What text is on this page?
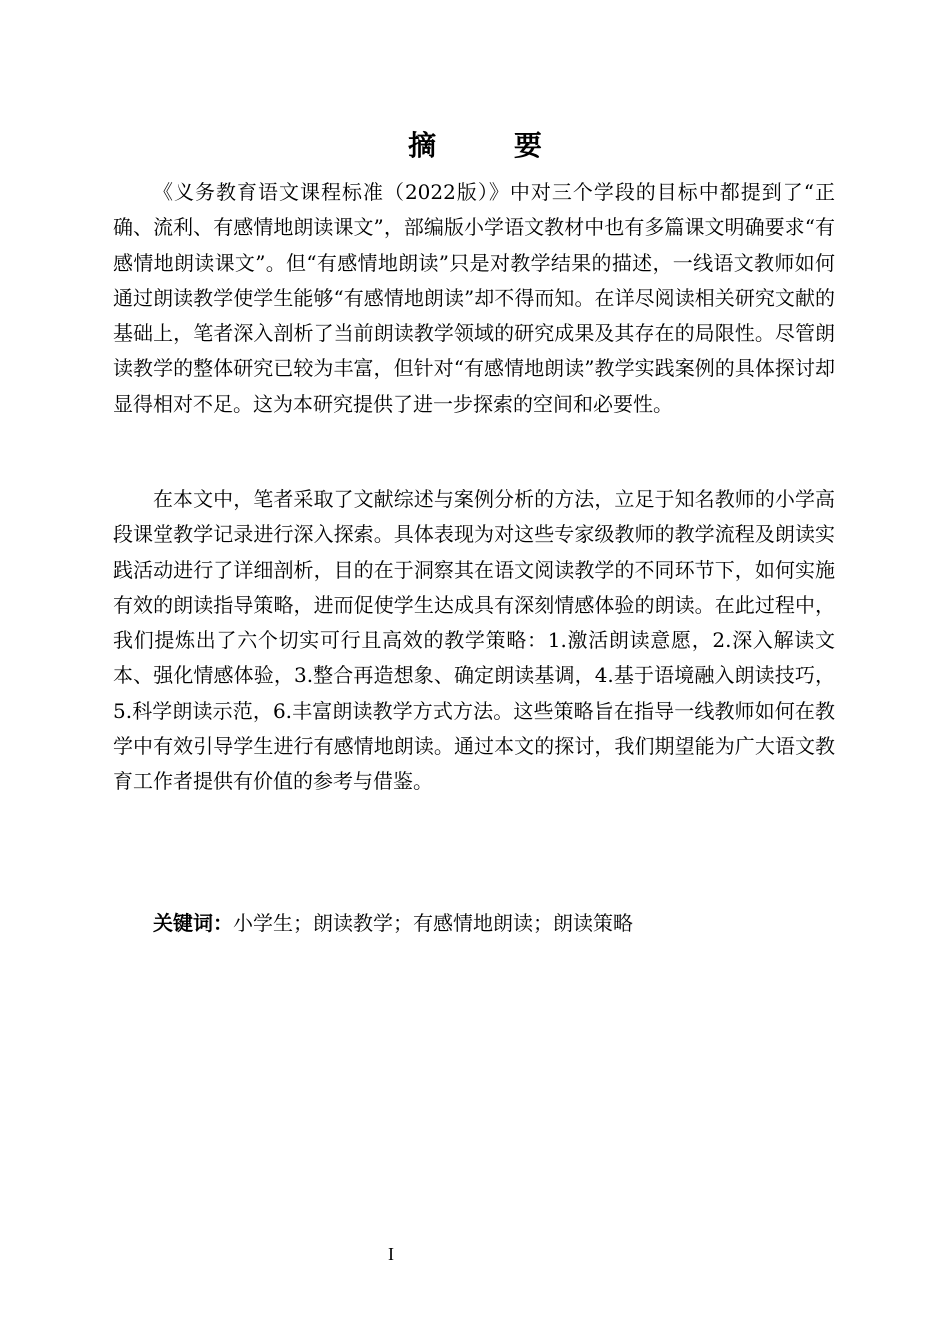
摘 要

《义务教育语文课程标准（2022版）》中对三个学段的目标中都提到了“正确、流利、有感情地朗读课文”，部编版小学语文教材中也有多篇课文明确要求“有感情地朗读课文”。但“有感情地朗读”只是对教学结果的描述，一线语文教师如何通过朗读教学使学生能够“有感情地朗读”却不得而知。在详尽阅读相关研究文献的基础上，笔者深入剖析了当前朗读教学领域的研究成果及其存在的局限性。尽管朗读教学的整体研究已较为丰富，但针对“有感情地朗读”教学实践案例的具体探讨却显得相对不足。这为本研究提供了进一步探索的空间和必要性。

在本文中，笔者采取了文献综述与案例分析的方法，立足于知名教师的小学高段课堂教学记录进行深入探索。具体表现为对这些专家级教师的教学流程及朗读实践活动进行了详细剖析，目的在于洞察其在语文阅读教学的不同环节下，如何实施有效的朗读指导策略，进而促使学生达成具有深刻情感体验的朗读。在此过程中，我们提炼出了六个切实可行且高效的教学策略：1.激活朗读意愿，2.深入解读文本、强化情感体验，3.整合再造想象、确定朗读基调，4.基于语境融入朗读技巧，5.科学朗读示范，6.丰富朗读教学方式方法。这些策略旨在指导一线教师如何在教学中有效引导学生进行有感情地朗读。通过本文的探讨，我们期望能为广大语文教育工作者提供有价值的参考与借鉴。

关键词：小学生；朗读教学；有感情地朗读；朗读策略
I
